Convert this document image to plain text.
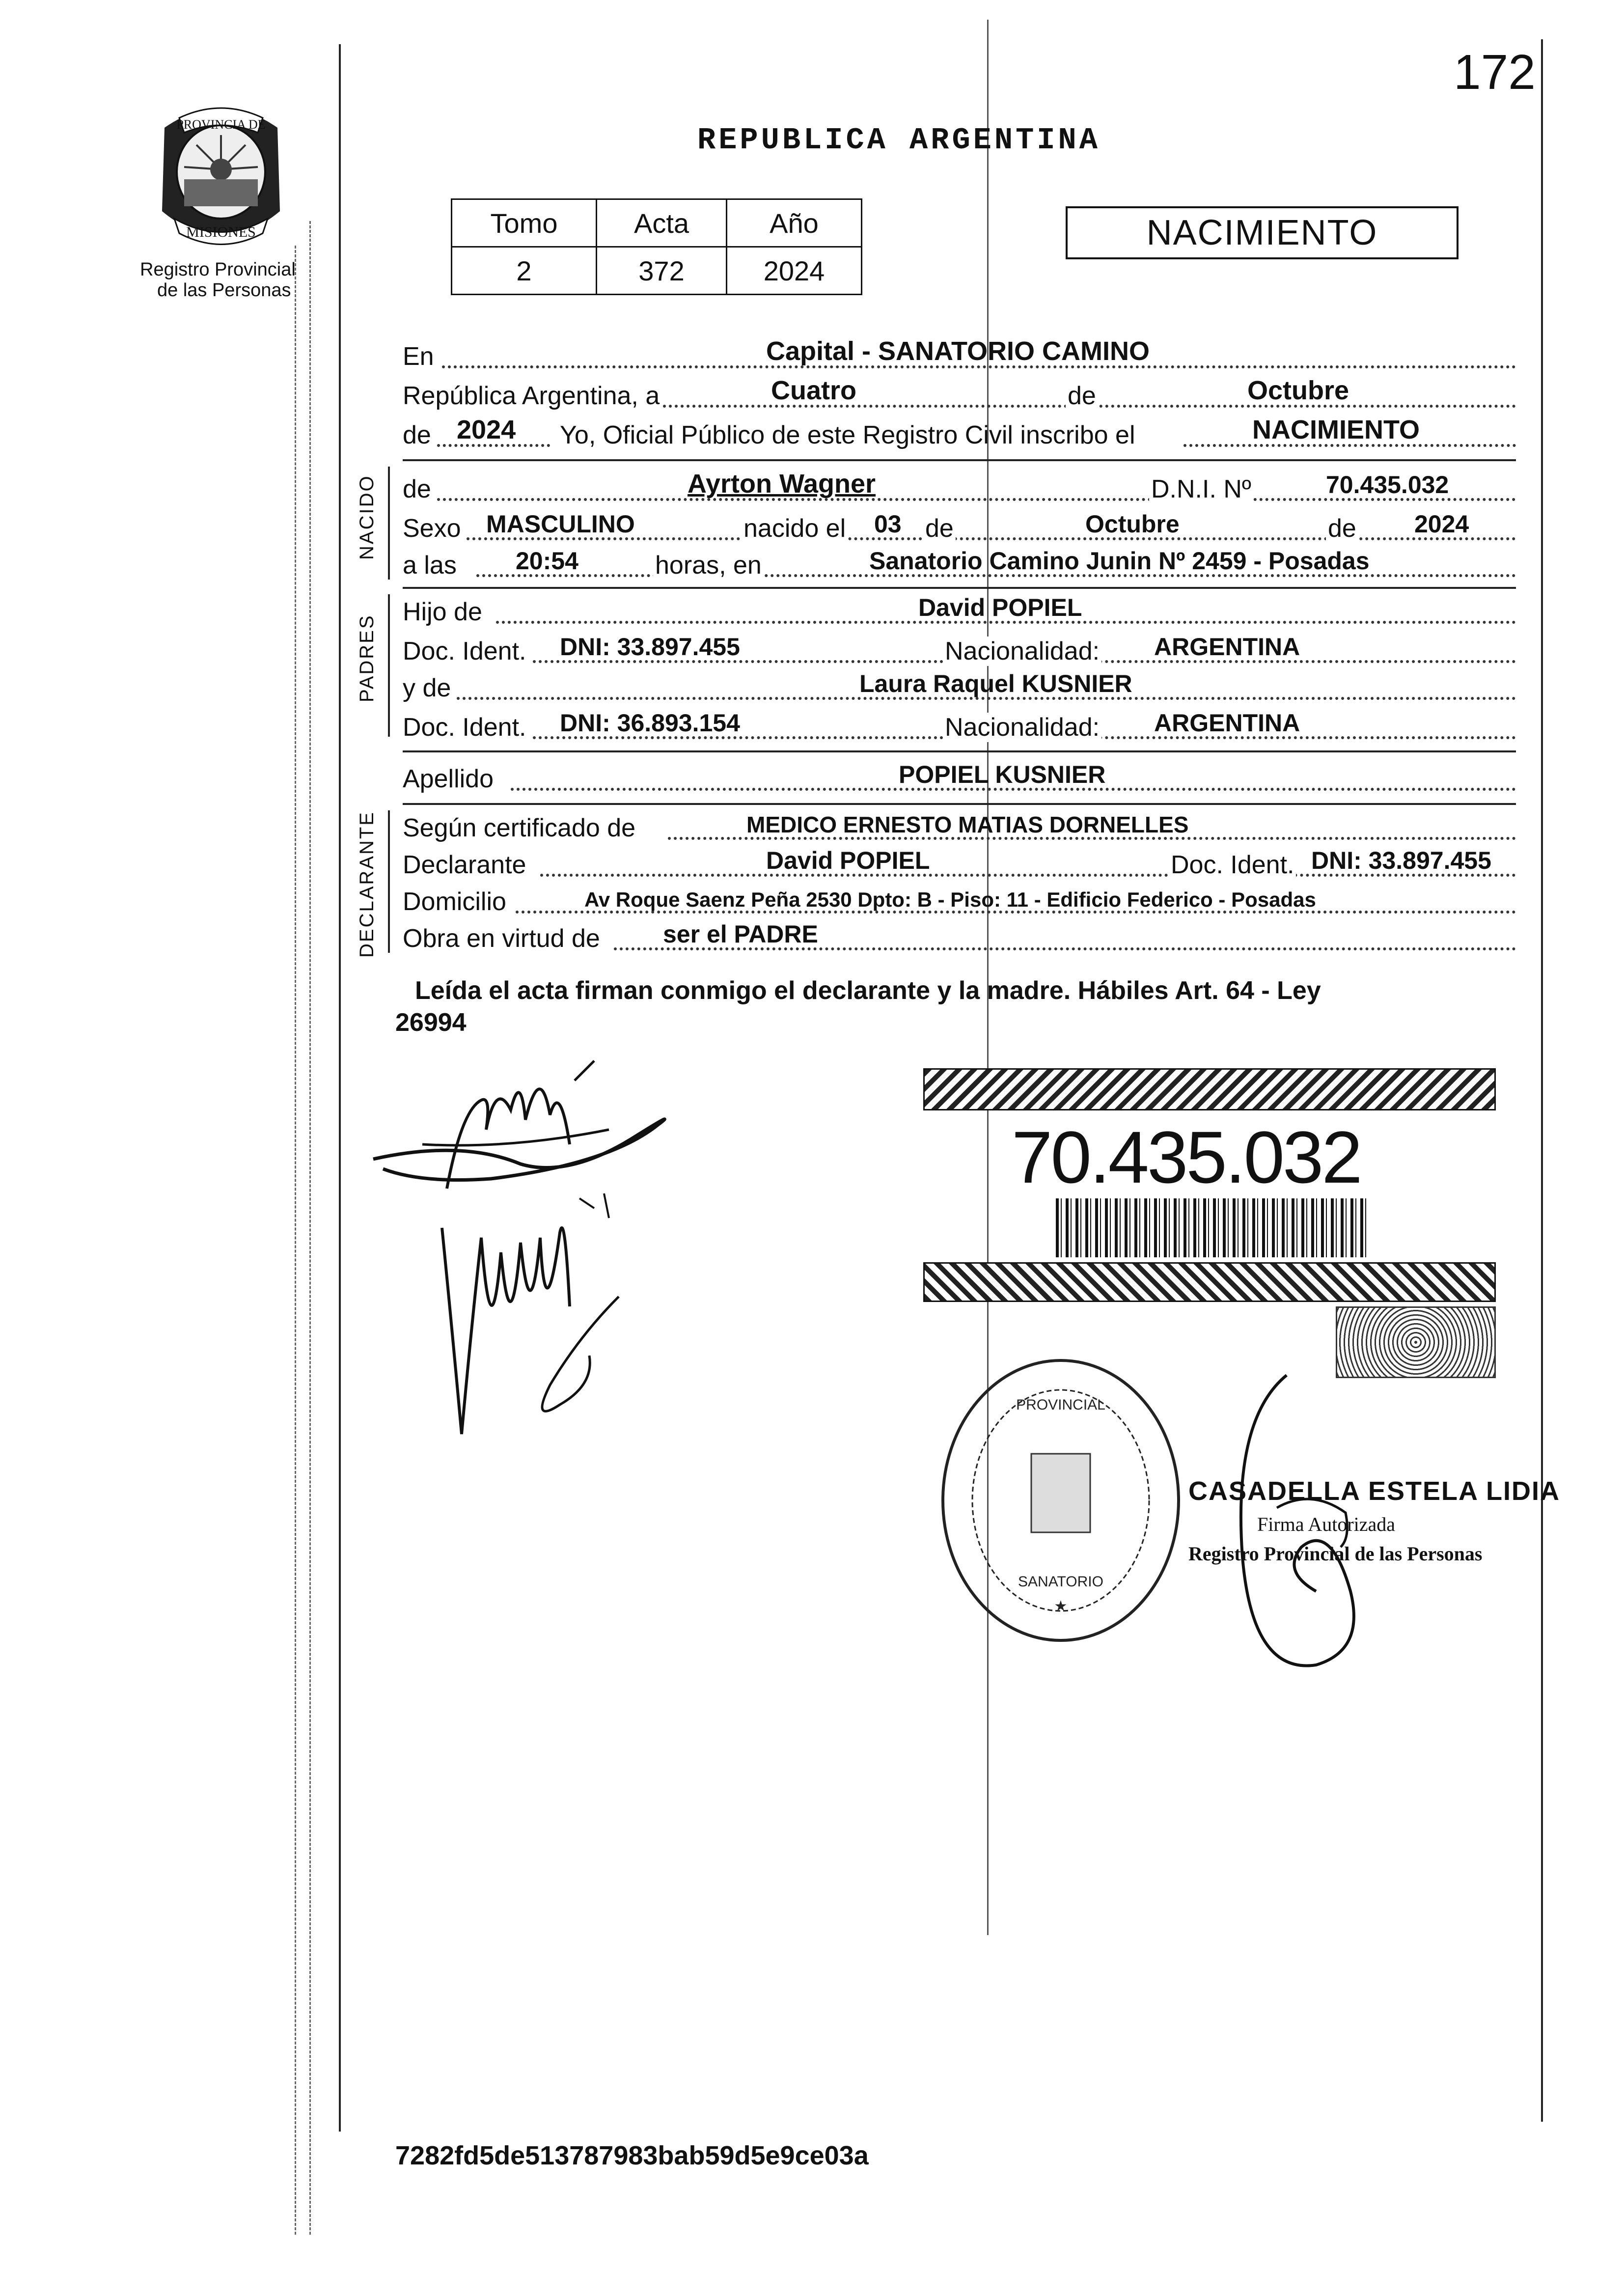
172
PROVINCIA DE
MISIONES
Registro Provincial
de las Personas
REPUBLICA ARGENTINA
Tomo	Acta	Año
2	372	2024
NACIMIENTO
En	Capital - SANATORIO CAMINO
República Argentina, a	Cuatro	de	Octubre
de 2024 Yo, Oficial Público de este Registro Civil inscribo el	NACIMIENTO
NACIDO de	Ayrton Wagner	D.N.I. Nº	70.435.032
Sexo MASCULINO	nacido el 03 de	Octubre	de 2024
a las 20:54	horas, en	Sanatorio Camino Junin Nº 2459 - Posadas
PADRES
Hijo de	David POPIEL
Doc. Ident. DNI: 33.897.455	Nacionalidad: ARGENTINA
y de	Laura Raquel KUSNIER
Doc. Ident. DNI: 36.893.154	Nacionalidad: ARGENTINA
Apellido	POPIEL KUSNIER
DECLARANTE Según certificado de	MEDICO ERNESTO MATIAS DORNELLES
Declarante	David POPIEL	Doc. Ident. DNI: 33.897.455
Domicilio	Av Roque Saenz Peña 2530 Dpto: B - Piso: 11 - Edificio Federico - Posadas
Obra en virtud de	ser el PADRE
Leída el acta firman conmigo el declarante y la madre. Hábiles Art. 64 - Ley
26994
70.435.032
PROVINCIAL
SANATORIO
★
CASADELLA ESTELA LIDIA
Firma Autorizada
Registro Provincial de las Personas
7282fd5de513787983bab59d5e9ce03a
